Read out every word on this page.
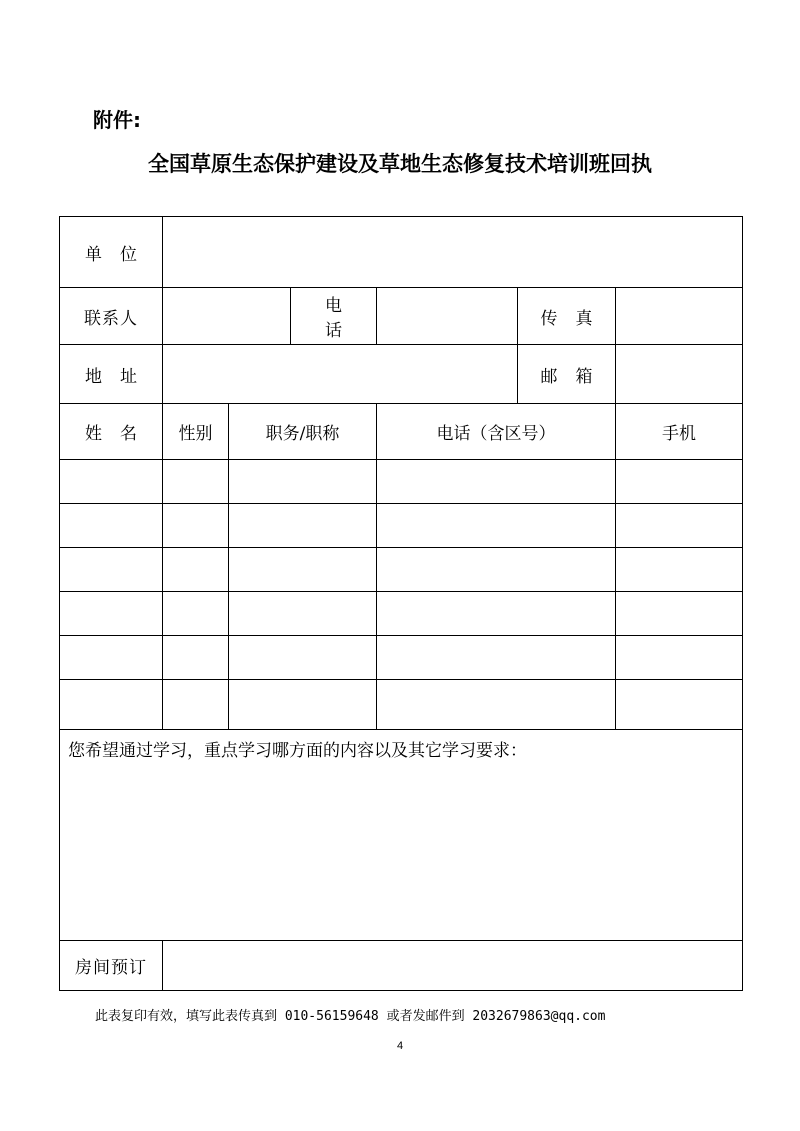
附件:
全国草原生态保护建设及草地生态修复技术培训班回执
单位						
联系人			电话		传真	
地址					邮箱	
姓名	性别	职务/职称		电话（含区号）		手机

您希望通过学习，重点学习哪方面的内容以及其它学习要求：						
房间预订						
此表复印有效，填写此表传真到 010-56159648 或者发邮件到 2032679863@qq.com
4
